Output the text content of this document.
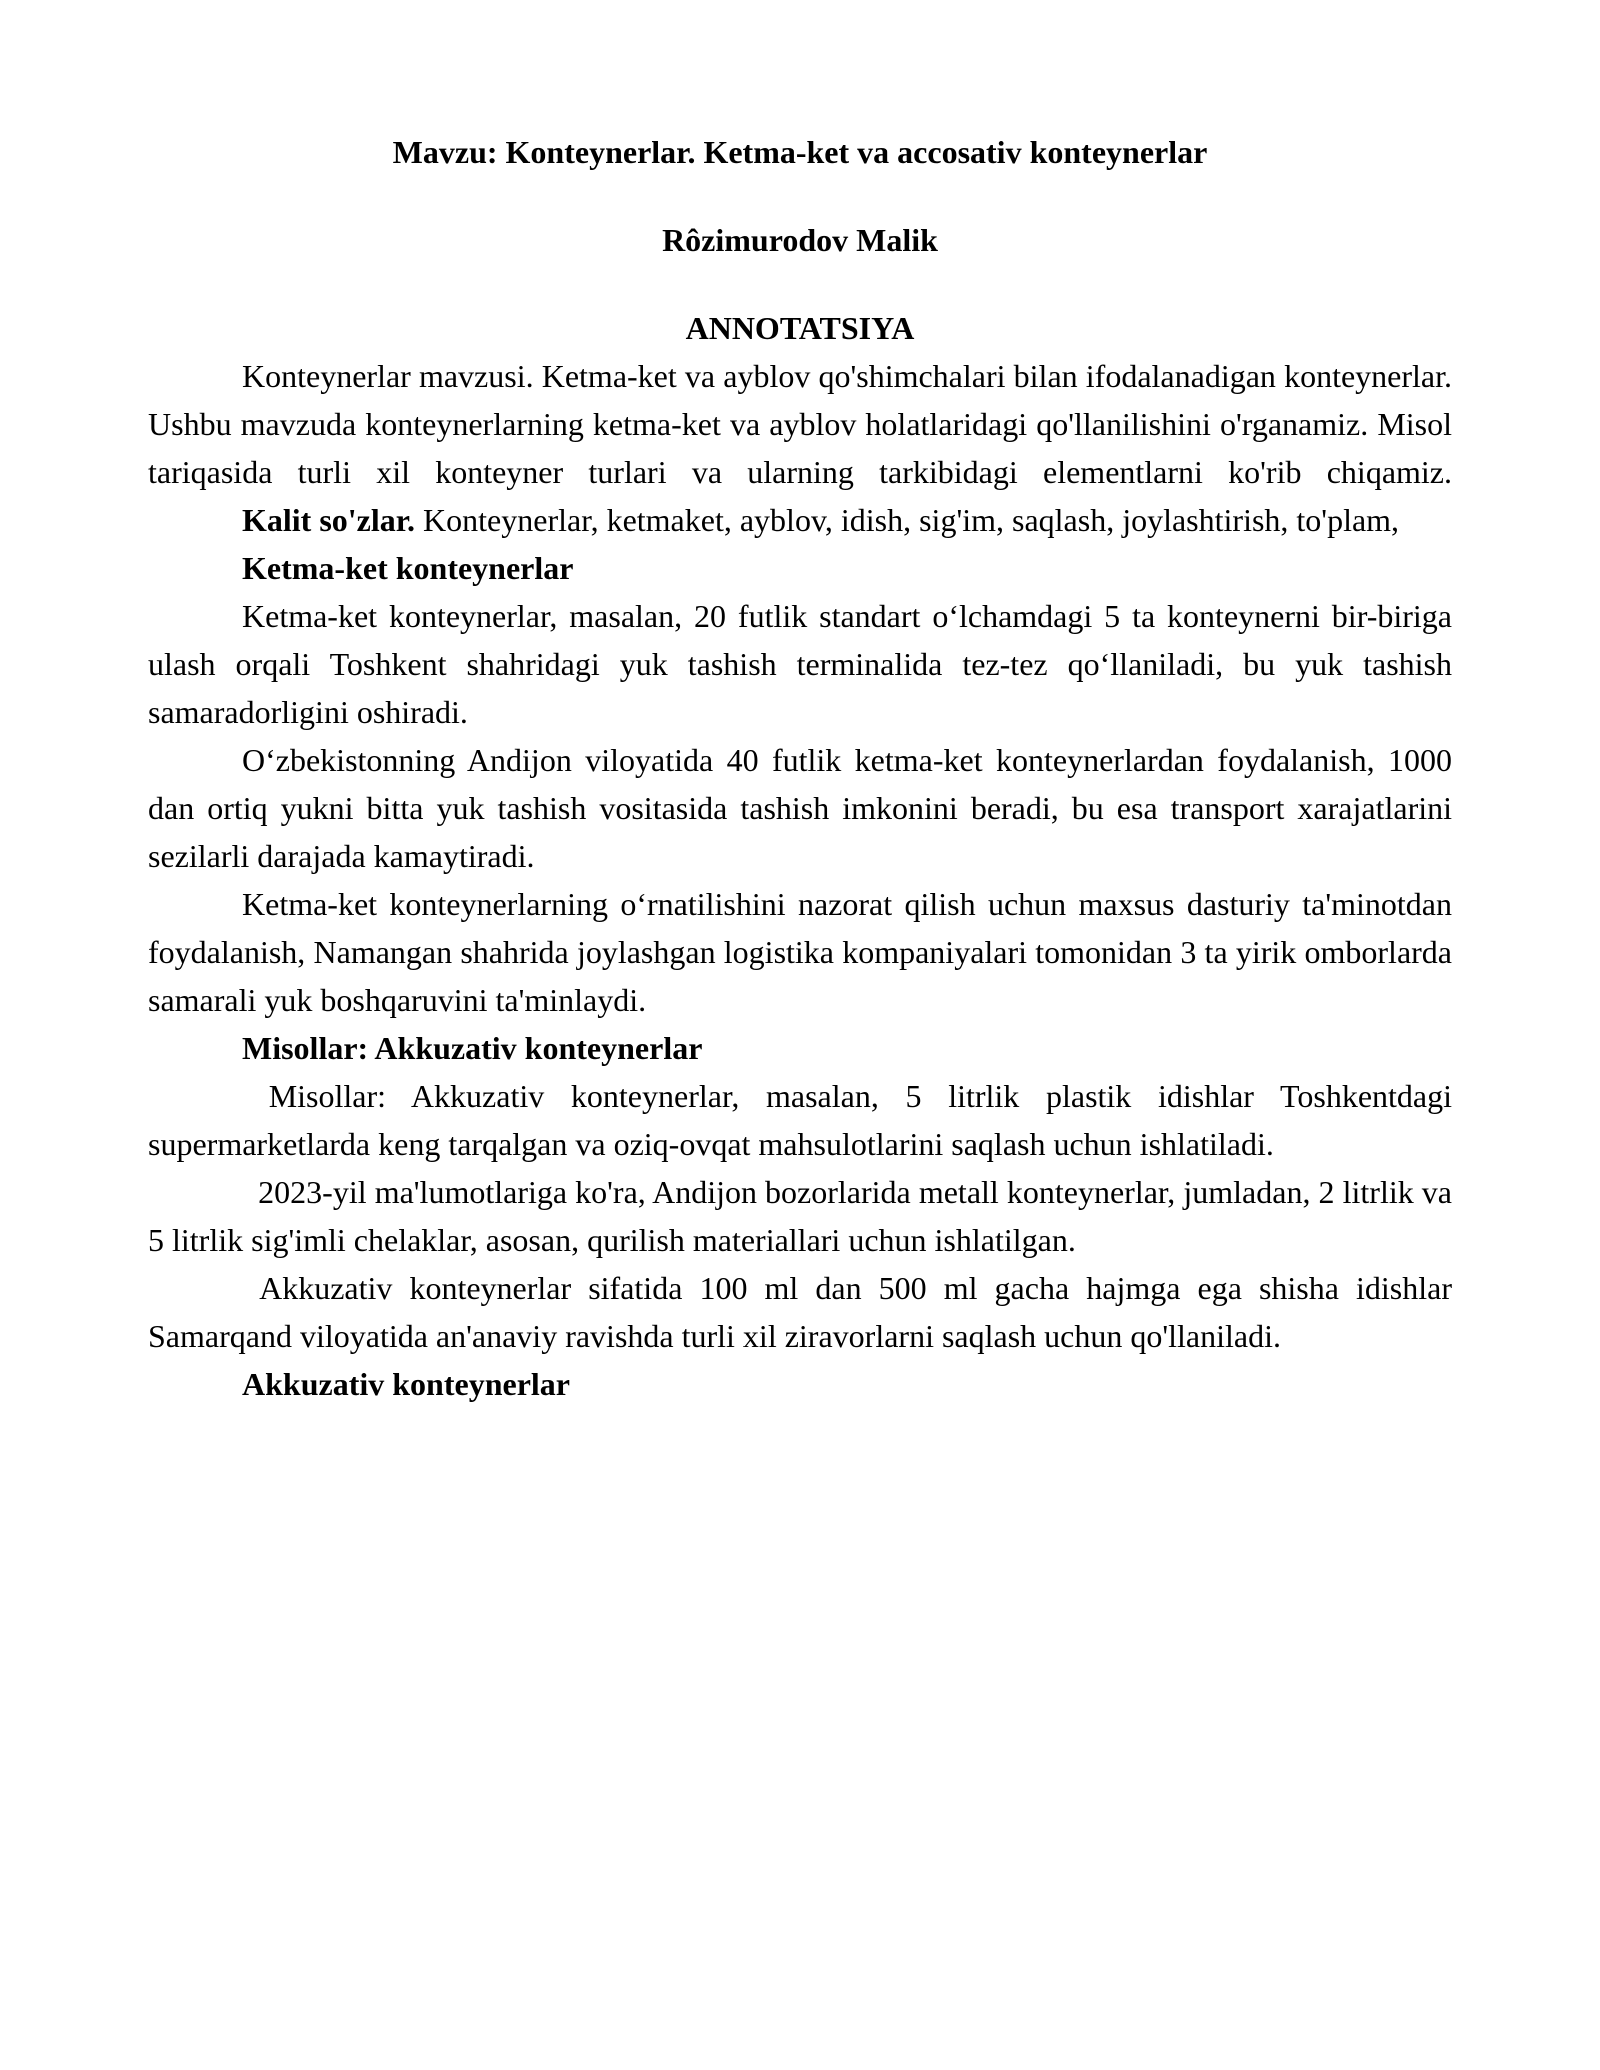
Mavzu: Konteynerlar. Ketma-ket va accosativ konteynerlar
Rôzimurodov Malik
ANNOTATSIYA

Konteynerlar mavzusi. Ketma-ket va ayblov qo'shimchalari bilan ifodalanadigan konteynerlar. Ushbu mavzuda konteynerlarning ketma-ket va ayblov holatlaridagi qo'llanilishini o'rganamiz. Misol tariqasida turli xil konteyner turlari va ularning tarkibidagi elementlarni ko'rib chiqamiz.

Kalit so'zlar. Konteynerlar, ketmaket, ayblov, idish, sig'im, saqlash, joylashtirish, to'plam,

Ketma-ket konteynerlar

Ketma-ket konteynerlar, masalan, 20 futlik standart oʻlchamdagi 5 ta konteynerni bir-biriga ulash orqali Toshkent shahridagi yuk tashish terminalida tez-tez qoʻllaniladi, bu yuk tashish samaradorligini oshiradi.

Oʻzbekistonning Andijon viloyatida 40 futlik ketma-ket konteynerlardan foydalanish, 1000 dan ortiq yukni bitta yuk tashish vositasida tashish imkonini beradi, bu esa transport xarajatlarini sezilarli darajada kamaytiradi.

Ketma-ket konteynerlarning oʻrnatilishini nazorat qilish uchun maxsus dasturiy ta'minotdan foydalanish, Namangan shahrida joylashgan logistika kompaniyalari tomonidan 3 ta yirik omborlarda samarali yuk boshqaruvini ta'minlaydi.

Misollar: Akkuzativ konteynerlar

Misollar: Akkuzativ konteynerlar, masalan, 5 litrlik plastik idishlar Toshkentdagi supermarketlarda keng tarqalgan va oziq-ovqat mahsulotlarini saqlash uchun ishlatiladi.

2023-yil ma'lumotlariga ko'ra, Andijon bozorlarida metall konteynerlar, jumladan, 2 litrlik va 5 litrlik sig'imli chelaklar, asosan, qurilish materiallari uchun ishlatilgan.

Akkuzativ konteynerlar sifatida 100 ml dan 500 ml gacha hajmga ega shisha idishlar Samarqand viloyatida an'anaviy ravishda turli xil ziravorlarni saqlash uchun qo'llaniladi.

Akkuzativ konteynerlar
